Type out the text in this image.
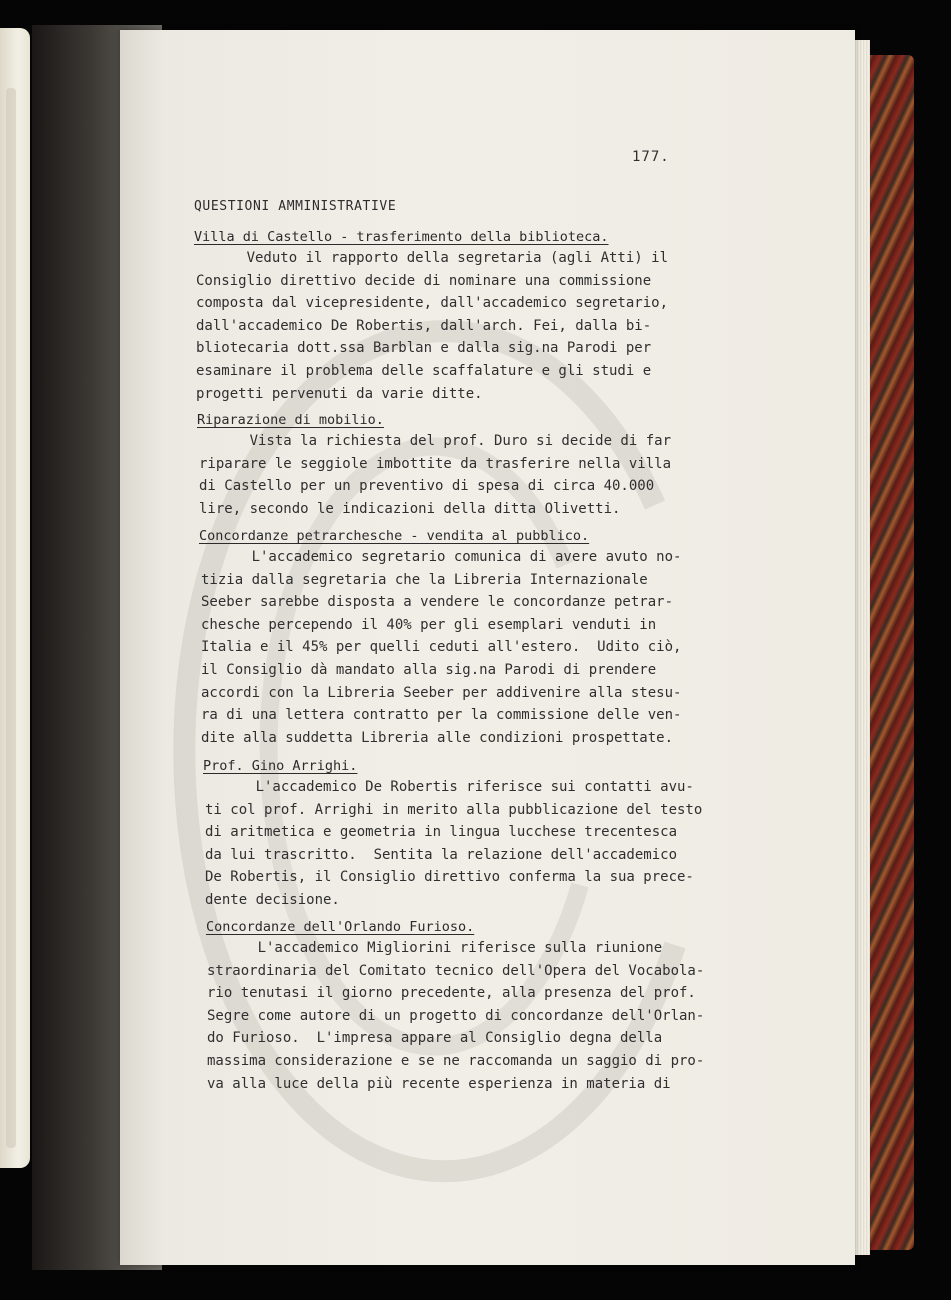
177.
QUESTIONI AMMINISTRATIVE
Villa di Castello - trasferimento della biblioteca.
Veduto il rapporto della segretaria (agli Atti) il
Consiglio direttivo decide di nominare una commissione
composta dal vicepresidente, dall'accademico segretario,
dall'accademico De Robertis, dall'arch. Fei, dalla bi-
bliotecaria dott.ssa Barblan e dalla sig.na Parodi per
esaminare il problema delle scaffalature e gli studi e
progetti pervenuti da varie ditte.
Riparazione di mobilio.
Vista la richiesta del prof. Duro si decide di far
riparare le seggiole imbottite da trasferire nella villa
di Castello per un preventivo di spesa di circa 40.000
lire, secondo le indicazioni della ditta Olivetti.
Concordanze petrarchesche - vendita al pubblico.
L'accademico segretario comunica di avere avuto no-
tizia dalla segretaria che la Libreria Internazionale
Seeber sarebbe disposta a vendere le concordanze petrar-
chesche percependo il 40% per gli esemplari venduti in
Italia e il 45% per quelli ceduti all'estero.  Udito ciò,
il Consiglio dà mandato alla sig.na Parodi di prendere
accordi con la Libreria Seeber per addivenire alla stesu-
ra di una lettera contratto per la commissione delle ven-
dite alla suddetta Libreria alle condizioni prospettate.
Prof. Gino Arrighi.
L'accademico De Robertis riferisce sui contatti avu-
ti col prof. Arrighi in merito alla pubblicazione del testo
di aritmetica e geometria in lingua lucchese trecentesca
da lui trascritto.  Sentita la relazione dell'accademico
De Robertis, il Consiglio direttivo conferma la sua prece-
dente decisione.
Concordanze dell'Orlando Furioso.
L'accademico Migliorini riferisce sulla riunione
straordinaria del Comitato tecnico dell'Opera del Vocabola-
rio tenutasi il giorno precedente, alla presenza del prof.
Segre come autore di un progetto di concordanze dell'Orlan-
do Furioso.  L'impresa appare al Consiglio degna della
massima considerazione e se ne raccomanda un saggio di pro-
va alla luce della più recente esperienza in materia di
